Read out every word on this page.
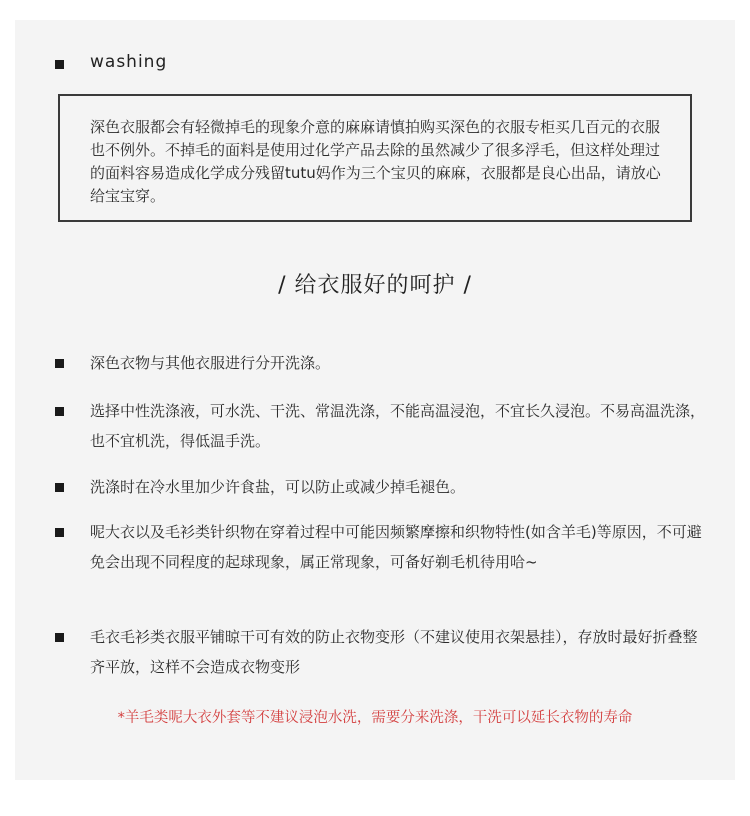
washing

深色衣服都会有轻微掉毛的现象介意的麻麻请慎拍购买深色的衣服专柜买几百元的衣服也不例外。不掉毛的面料是使用过化学产品去除的虽然减少了很多浮毛，但这样处理过的面料容易造成化学成分残留tutu妈作为三个宝贝的麻麻，衣服都是良心出品，请放心给宝宝穿。

/ 给衣服好的呵护 /

深色衣物与其他衣服进行分开洗涤。

选择中性洗涤液，可水洗、干洗、常温洗涤，不能高温浸泡，不宜长久浸泡。不易高温洗涤，也不宜机洗，得低温手洗。

洗涤时在冷水里加少许食盐，可以防止或减少掉毛褪色。

呢大衣以及毛衫类针织物在穿着过程中可能因频繁摩擦和织物特性(如含羊毛)等原因，不可避免会出现不同程度的起球现象，属正常现象，可备好剃毛机待用哈~

毛衣毛衫类衣服平铺晾干可有效的防止衣物变形（不建议使用衣架悬挂），存放时最好折叠整齐平放，这样不会造成衣物变形

*羊毛类呢大衣外套等不建议浸泡水洗，需要分来洗涤，干洗可以延长衣物的寿命
